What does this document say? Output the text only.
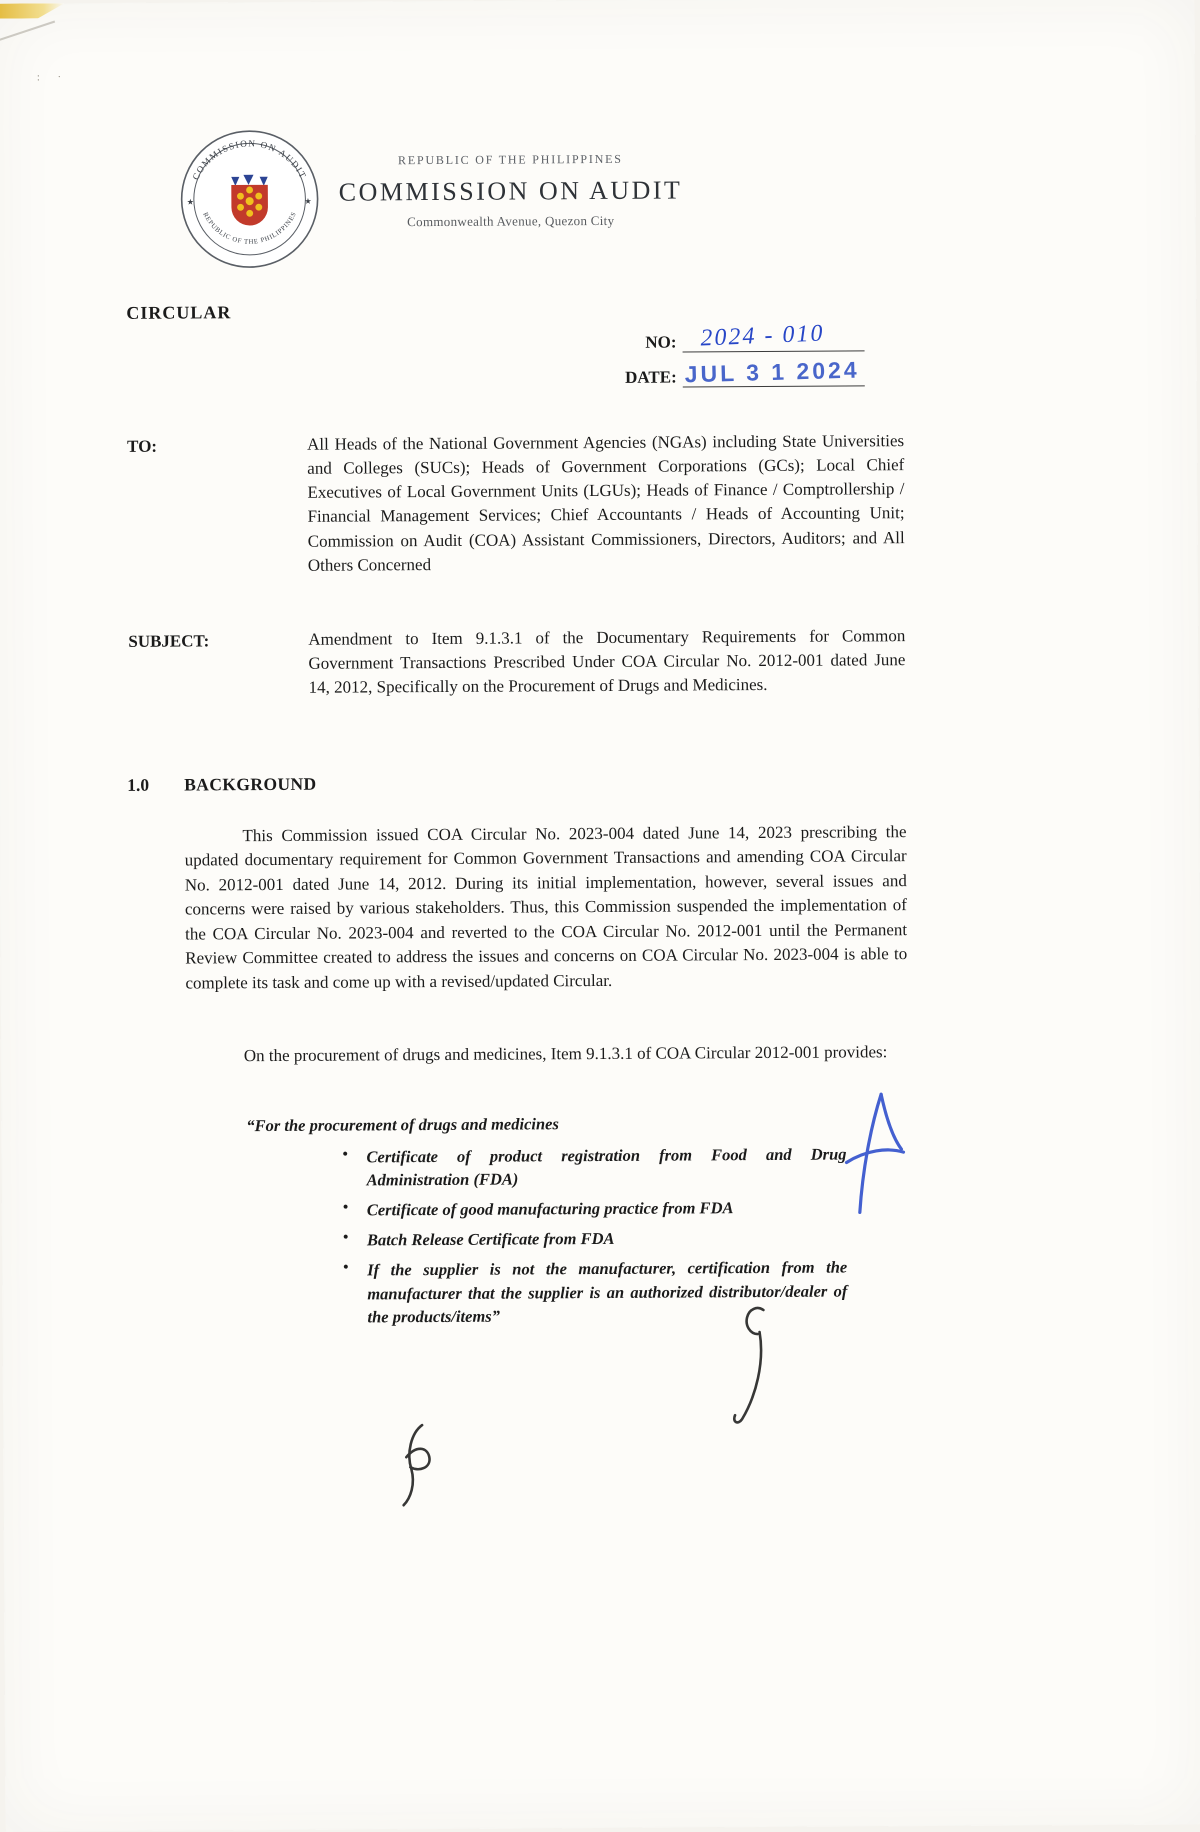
:  ·
COMMISSION ON AUDIT
REPUBLIC OF THE PHILIPPINES
★	★
REPUBLIC OF THE PHILIPPINES
COMMISSION ON AUDIT
Commonwealth Avenue, Quezon City
CIRCULAR
NO: 2024 - 010
DATE: JUL 3 1 2024
TO:	All Heads of the National Government Agencies (NGAs) including State Universities and Colleges (SUCs); Heads of Government Corporations (GCs); Local Chief Executives of Local Government Units (LGUs); Heads of Finance / Comptrollership / Financial Management Services; Chief Accountants / Heads of Accounting Unit; Commission on Audit (COA) Assistant Commissioners, Directors, Auditors; and All Others Concerned
SUBJECT:	Amendment to Item 9.1.3.1 of the Documentary Requirements for Common Government Transactions Prescribed Under COA Circular No. 2012-001 dated June 14, 2012, Specifically on the Procurement of Drugs and Medicines.
1.0 BACKGROUND
This Commission issued COA Circular No. 2023-004 dated June 14, 2023 prescribing the updated documentary requirement for Common Government Transactions and amending COA Circular No. 2012-001 dated June 14, 2012. During its initial implementation, however, several issues and concerns were raised by various stakeholders. Thus, this Commission suspended the implementation of the COA Circular No. 2023-004 and reverted to the COA Circular No. 2012-001 until the Permanent Review Committee created to address the issues and concerns on COA Circular No. 2023-004 is able to complete its task and come up with a revised/updated Circular.
On the procurement of drugs and medicines, Item 9.1.3.1 of COA Circular 2012-001 provides:
“For the procurement of drugs and medicines
• Certificate of product registration from Food and Drug Administration (FDA)
• Certificate of good manufacturing practice from FDA
• Batch Release Certificate from FDA
• If the supplier is not the manufacturer, certification from the manufacturer that the supplier is an authorized distributor/dealer of the products/items”
